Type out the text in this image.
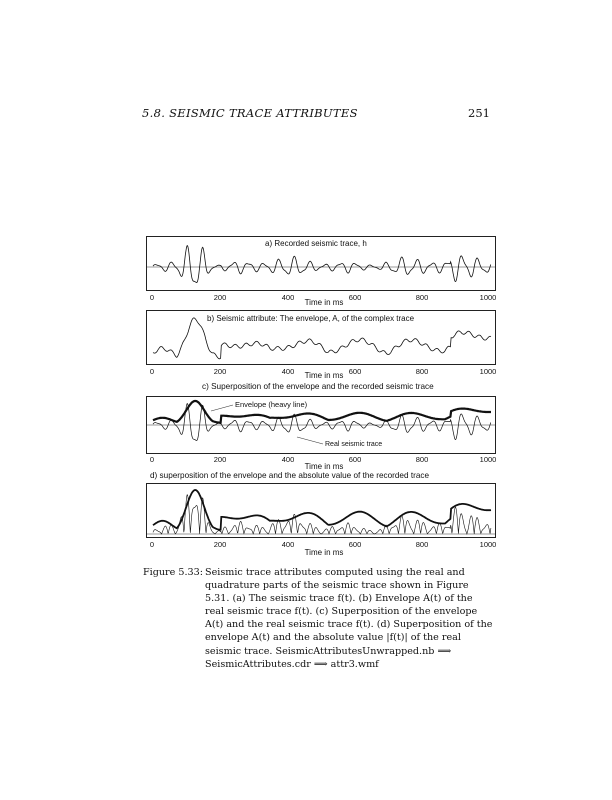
5.8. SEISMIC TRACE ATTRIBUTES	251
a) Recorded seismic trace, h
0	200	400	600	800	1000
Time in ms
b) Seismic attribute: The envelope, A, of the complex trace
0	200	400	600	800	1000
Time in ms
c) Superposition of the envelope and the recorded seismic trace
Envelope (heavy line)
Real seismic trace
0	200	400	600	800	1000
Time in ms
d) superposition of the envelope and the absolute value of the recorded trace
0	200	400	600	800	1000
Time in ms
Figure 5.33: Seismic trace attributes computed using the real and quadrature parts of the seismic trace shown in Figure 5.31. (a) The seismic trace f(t). (b) Envelope A(t) of the real seismic trace f(t). (c) Superposition of the envelope A(t) and the real seismic trace f(t). (d) Superposition of the envelope A(t) and the absolute value |f(t)| of the real seismic trace. SeismicAttributesUnwrapped.nb ⟹ SeismicAttributes.cdr ⟹ attr3.wmf
